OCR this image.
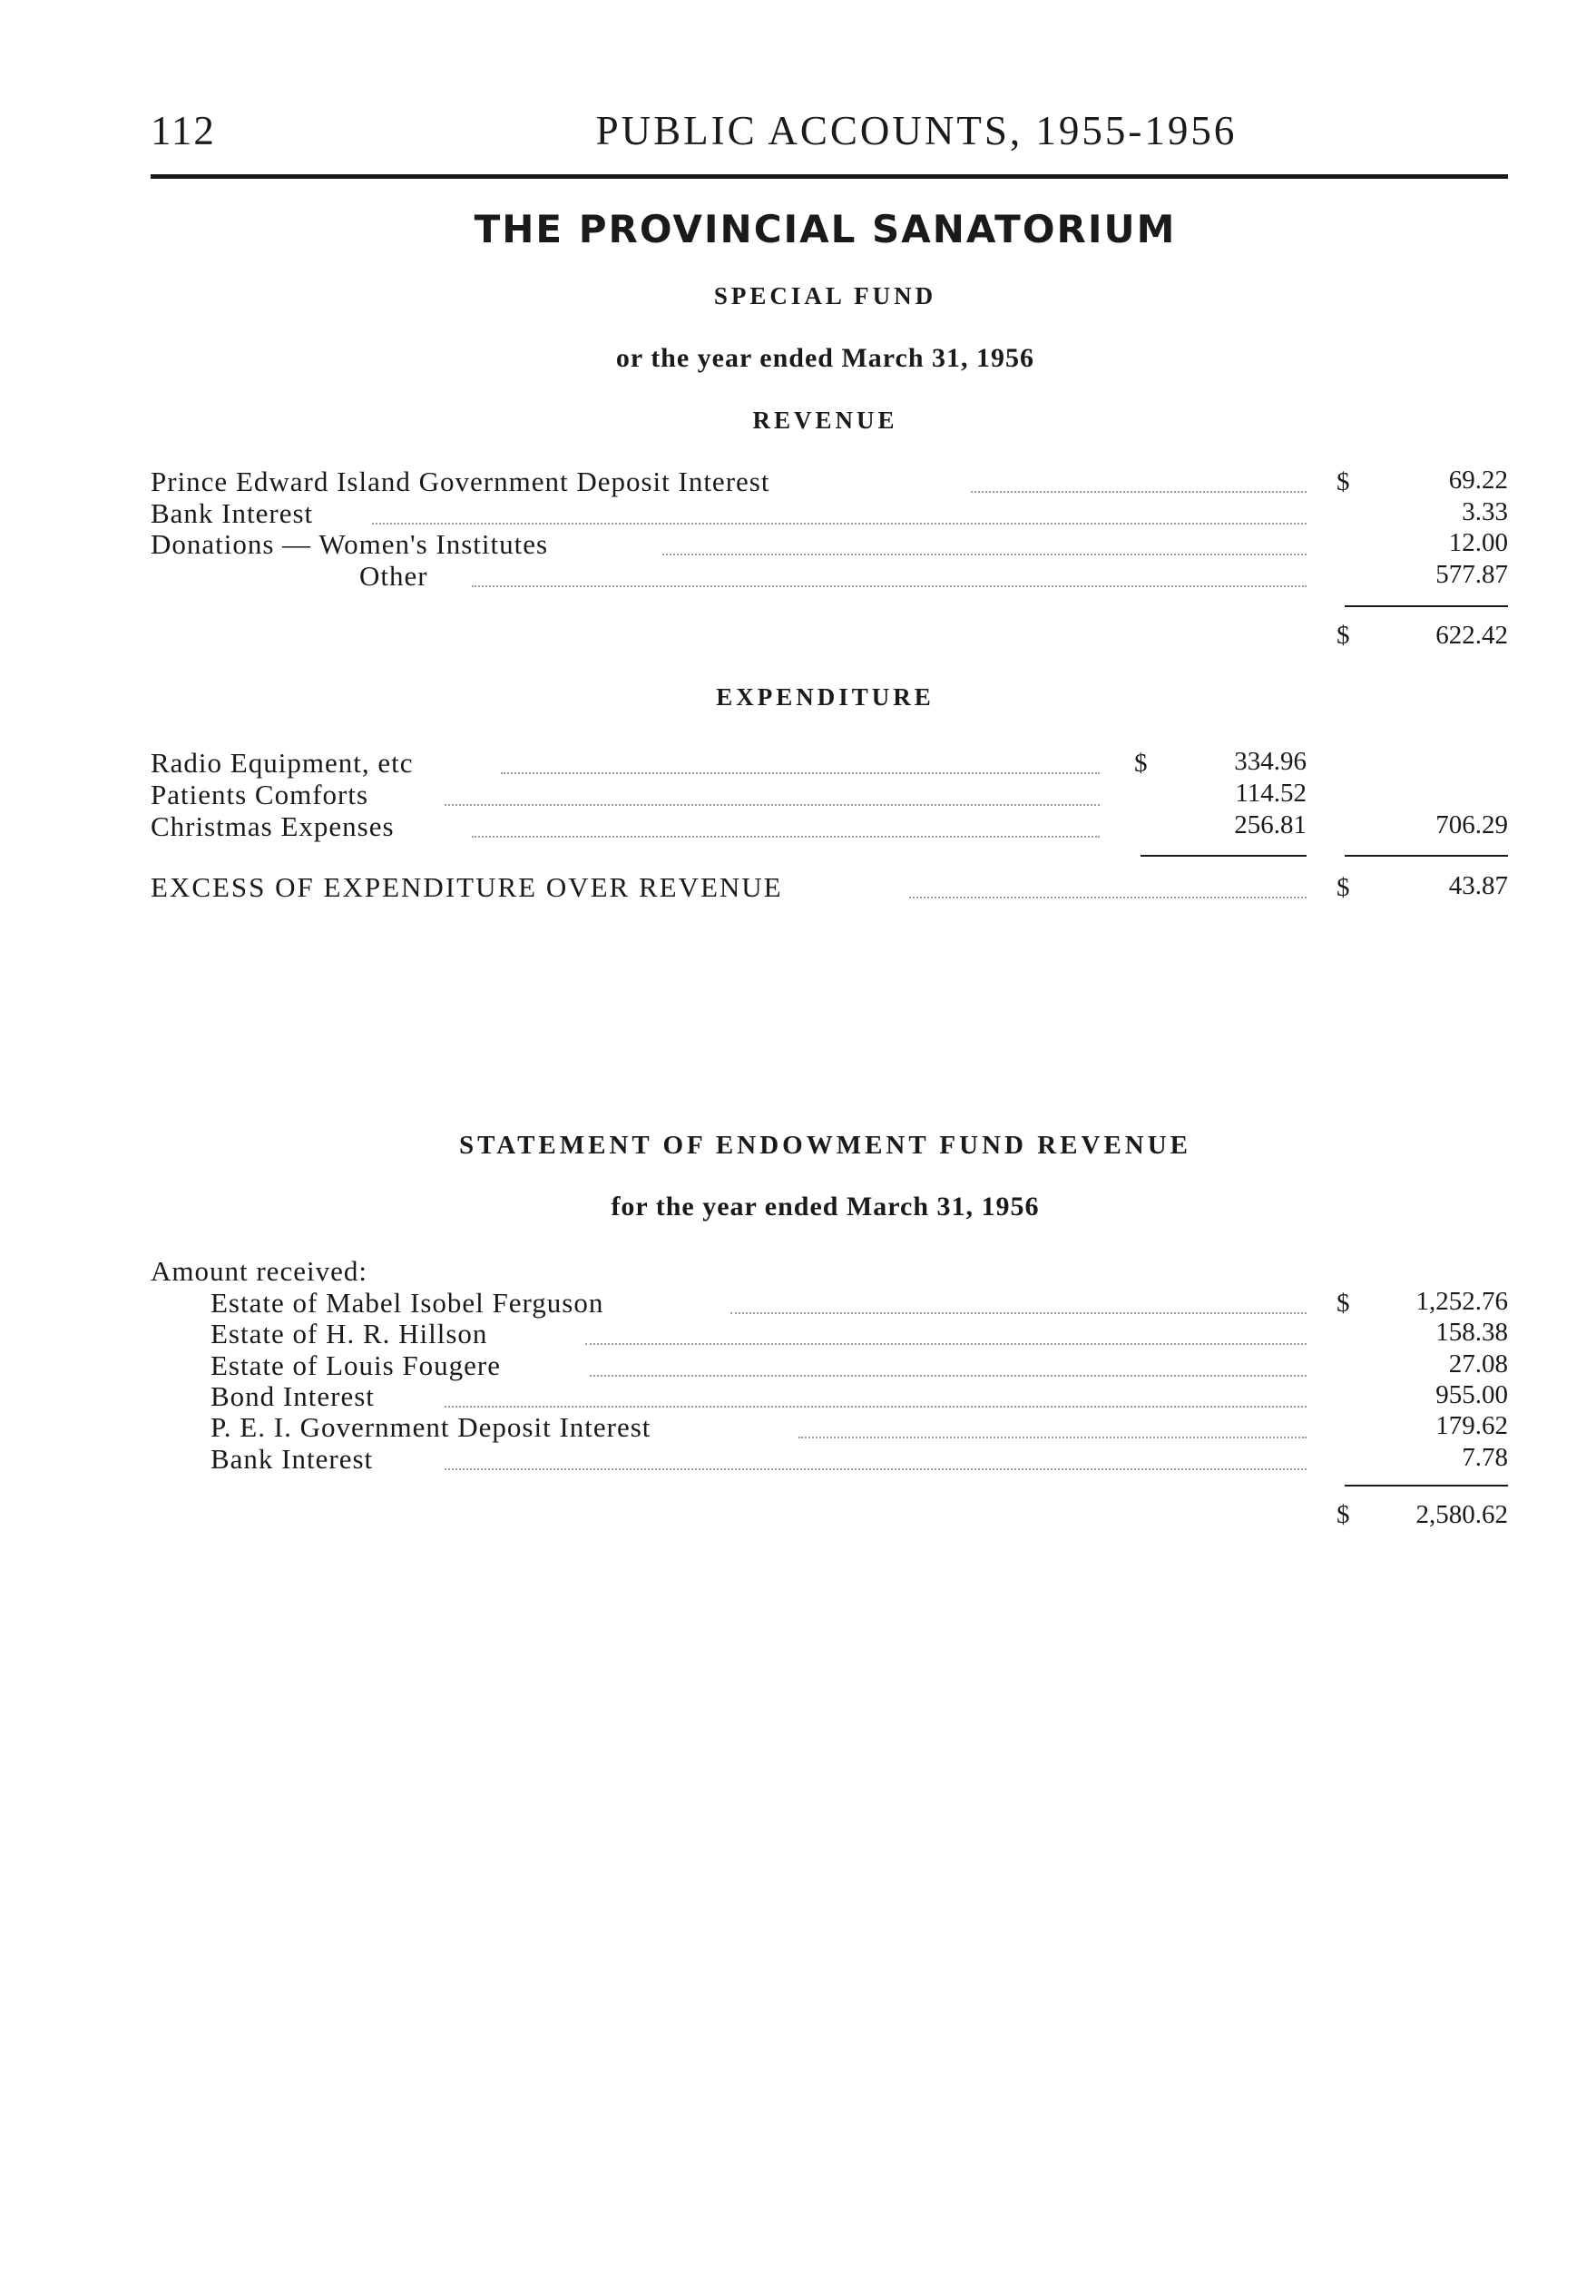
112	PUBLIC ACCOUNTS, 1955-1956
THE PROVINCIAL SANATORIUM
SPECIAL FUND
or the year ended March 31, 1956
REVENUE
Prince Edward Island Government Deposit Interest	$	69.22
Bank Interest	3.33
Donations — Women's Institutes	12.00
Other	577.87
$	622.42
EXPENDITURE
Radio Equipment, etc	$	334.96
Patients Comforts	114.52
Christmas Expenses	256.81	706.29
EXCESS OF EXPENDITURE OVER REVENUE	$	43.87
STATEMENT OF ENDOWMENT FUND REVENUE
for the year ended March 31, 1956
Amount received:
Estate of Mabel Isobel Ferguson	$	1,252.76
Estate of H. R. Hillson	158.38
Estate of Louis Fougere	27.08
Bond Interest	955.00
P. E. I. Government Deposit Interest	179.62
Bank Interest	7.78
$	2,580.62
